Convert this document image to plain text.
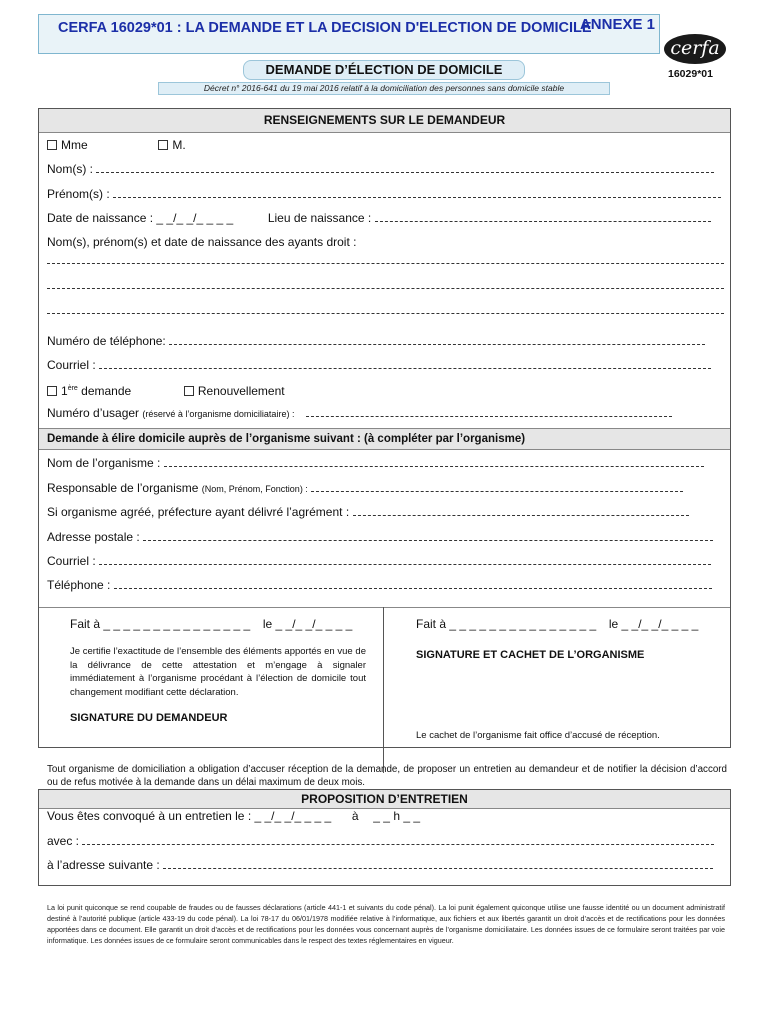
ANNEXE 1
CERFA 16029*01 : LA DEMANDE ET LA DECISION D'ELECTION DE DOMICILE
cerfa
16029*01
DEMANDE D’ÉLECTION DE DOMICILE
Décret n° 2016-641 du 19 mai 2016 relatif à la domiciliation des personnes sans domicile stable
RENSEIGNEMENTS SUR LE DEMANDEUR
Mme	M.
Nom(s) :
Prénom(s) :
Date de naissance : _ _/_ _/_ _ _ _	Lieu de naissance :
Nom(s), prénom(s) et date de naissance des ayants droit :
Numéro de téléphone:
Courriel :
1ère demande	Renouvellement
Numéro d’usager (réservé à l’organisme domiciliataire) :
Demande à élire domicile auprès de l’organisme suivant : (à compléter par l’organisme)
Nom de l’organisme :
Responsable de l’organisme (Nom, Prénom, Fonction) :
Si organisme agréé, préfecture ayant délivré l’agrément :
Adresse postale :
Courriel :
Téléphone :
Fait à _ _ _ _ _ _ _ _ _ _ _ _ _ _ _ le _ _/_ _/_ _ _ _
Je certifie l’exactitude de l’ensemble des éléments apportés en vue de la délivrance de cette attestation et m’engage à signaler immédiatement à l’organisme procédant à l’élection de domicile tout changement modifiant cette déclaration.
SIGNATURE DU DEMANDEUR
Fait à _ _ _ _ _ _ _ _ _ _ _ _ _ _ _ le _ _/_ _/_ _ _ _
SIGNATURE ET CACHET DE L’ORGANISME
Le cachet de l’organisme fait office d’accusé de réception.
Tout organisme de domiciliation a obligation d’accuser réception de la demande, de proposer un entretien au demandeur et de notifier la décision d’accord ou de refus motivée à la demande dans un délai maximum de deux mois.
PROPOSITION D’ENTRETIEN
Vous êtes convoqué à un entretien le : _ _/_ _/_ _ _ _ à _ _ h _ _
avec :
à l’adresse suivante :
La loi punit quiconque se rend coupable de fraudes ou de fausses déclarations (article 441-1 et suivants du code pénal). La loi punit également quiconque utilise une fausse identité ou un document administratif destiné à l’autorité publique (article 433-19 du code pénal). La loi 78-17 du 06/01/1978 modifiée relative à l’informatique, aux fichiers et aux libertés garantit un droit d’accès et de rectifications pour les données apportées dans ce document. Elle garantit un droit d’accès et de rectifications pour les données vous concernant auprès de l’organisme domiciliataire. Les données issues de ce formulaire seront traitées par voie informatique. Les données issues de ce formulaire seront communicables dans le respect des textes réglementaires en vigueur.
